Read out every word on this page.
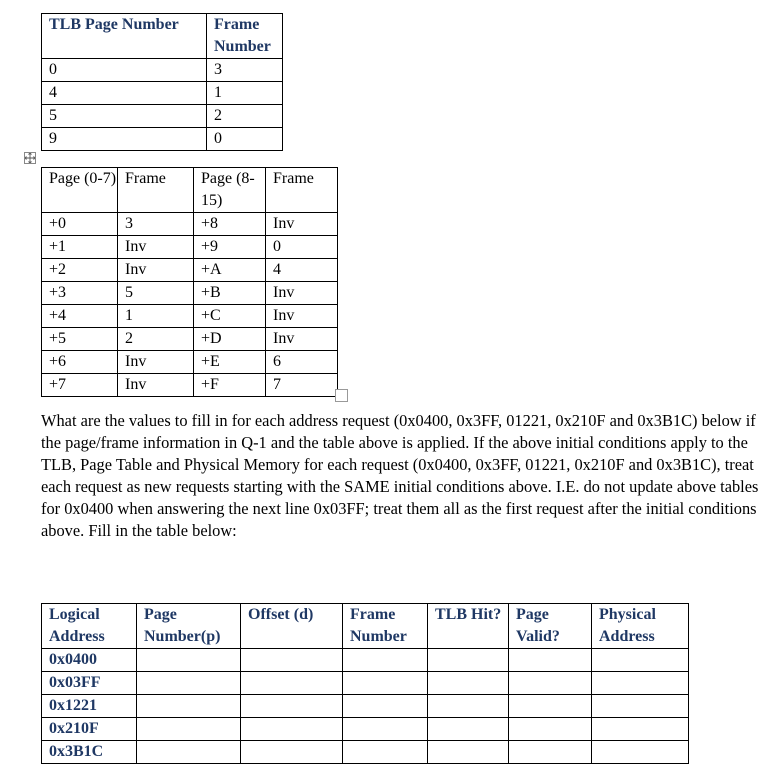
TLB Page Number	Frame Number
0	3
4	1
5	2
9	0
Page (0-7)	Frame	Page (8-15)	Frame
+0	3	+8	Inv
+1	Inv	+9	0
+2	Inv	+A	4
+3	5	+B	Inv
+4	1	+C	Inv
+5	2	+D	Inv
+6	Inv	+E	6
+7	Inv	+F	7

What are the values to fill in for each address request (0x0400, 0x3FF, 01221, 0x210F and 0x3B1C) below if the page/frame information in Q-1 and the table above is applied. If the above initial conditions apply to the TLB, Page Table and Physical Memory for each request (0x0400, 0x3FF, 01221, 0x210F and 0x3B1C), treat each request as new requests starting with the SAME initial conditions above. I.E. do not update above tables for 0x0400 when answering the next line 0x03FF; treat them all as the first request after the initial conditions above. Fill in the table below:

Logical Address	Page Number(p)	Offset (d)	Frame Number	TLB Hit?	Page Valid?	Physical Address
0x0400						
0x03FF						
0x1221						
0x210F						
0x3B1C						
